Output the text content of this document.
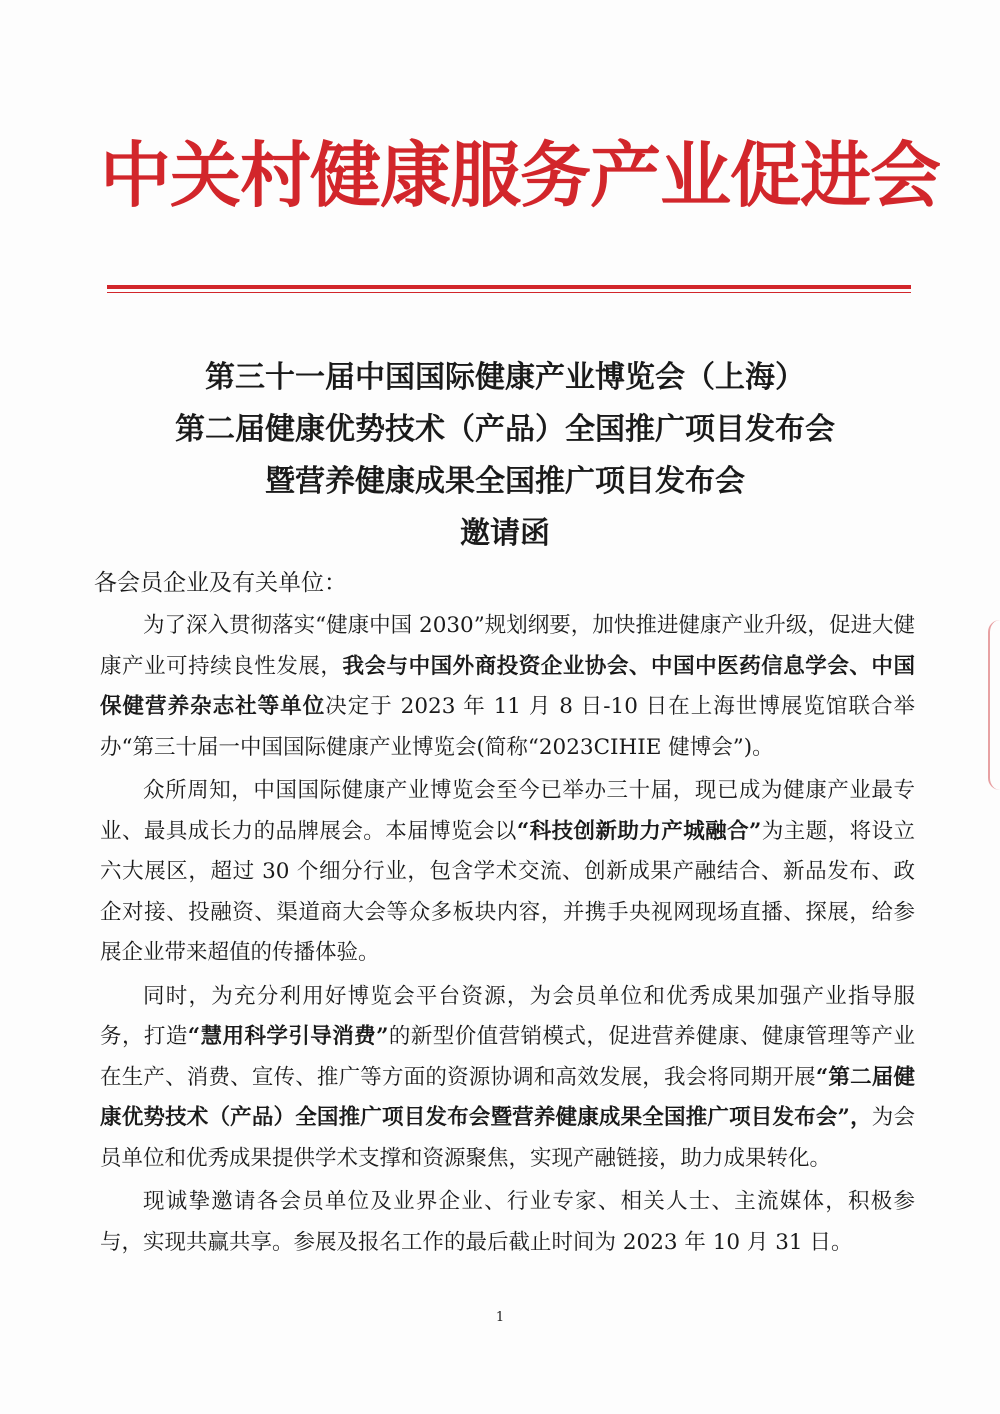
中关村健康服务产业促进会
第三十一届中国国际健康产业博览会（上海）
第二届健康优势技术（产品）全国推广项目发布会
暨营养健康成果全国推广项目发布会
邀请函
各会员企业及有关单位：

为了深入贯彻落实“健康中国 2030”规划纲要，加快推进健康产业升级，促进大健康产业可持续良性发展，我会与中国外商投资企业协会、中国中医药信息学会、中国保健营养杂志社等单位决定于 2023 年 11 月 8 日-10 日在上海世博展览馆联合举办“第三十届一中国国际健康产业博览会(简称“2023CIHIE 健博会”)。

众所周知，中国国际健康产业博览会至今已举办三十届，现已成为健康产业最专业、最具成长力的品牌展会。本届博览会以“科技创新助力产城融合”为主题，将设立六大展区，超过 30 个细分行业，包含学术交流、创新成果产融结合、新品发布、政企对接、投融资、渠道商大会等众多板块内容，并携手央视网现场直播、探展，给参展企业带来超值的传播体验。

同时，为充分利用好博览会平台资源，为会员单位和优秀成果加强产业指导服务，打造“慧用科学引导消费”的新型价值营销模式，促进营养健康、健康管理等产业在生产、消费、宣传、推广等方面的资源协调和高效发展，我会将同期开展“第二届健康优势技术（产品）全国推广项目发布会暨营养健康成果全国推广项目发布会”，为会员单位和优秀成果提供学术支撑和资源聚焦，实现产融链接，助力成果转化。

现诚挚邀请各会员单位及业界企业、行业专家、相关人士、主流媒体，积极参与，实现共赢共享。参展及报名工作的最后截止时间为 2023 年 10 月 31 日。

1
